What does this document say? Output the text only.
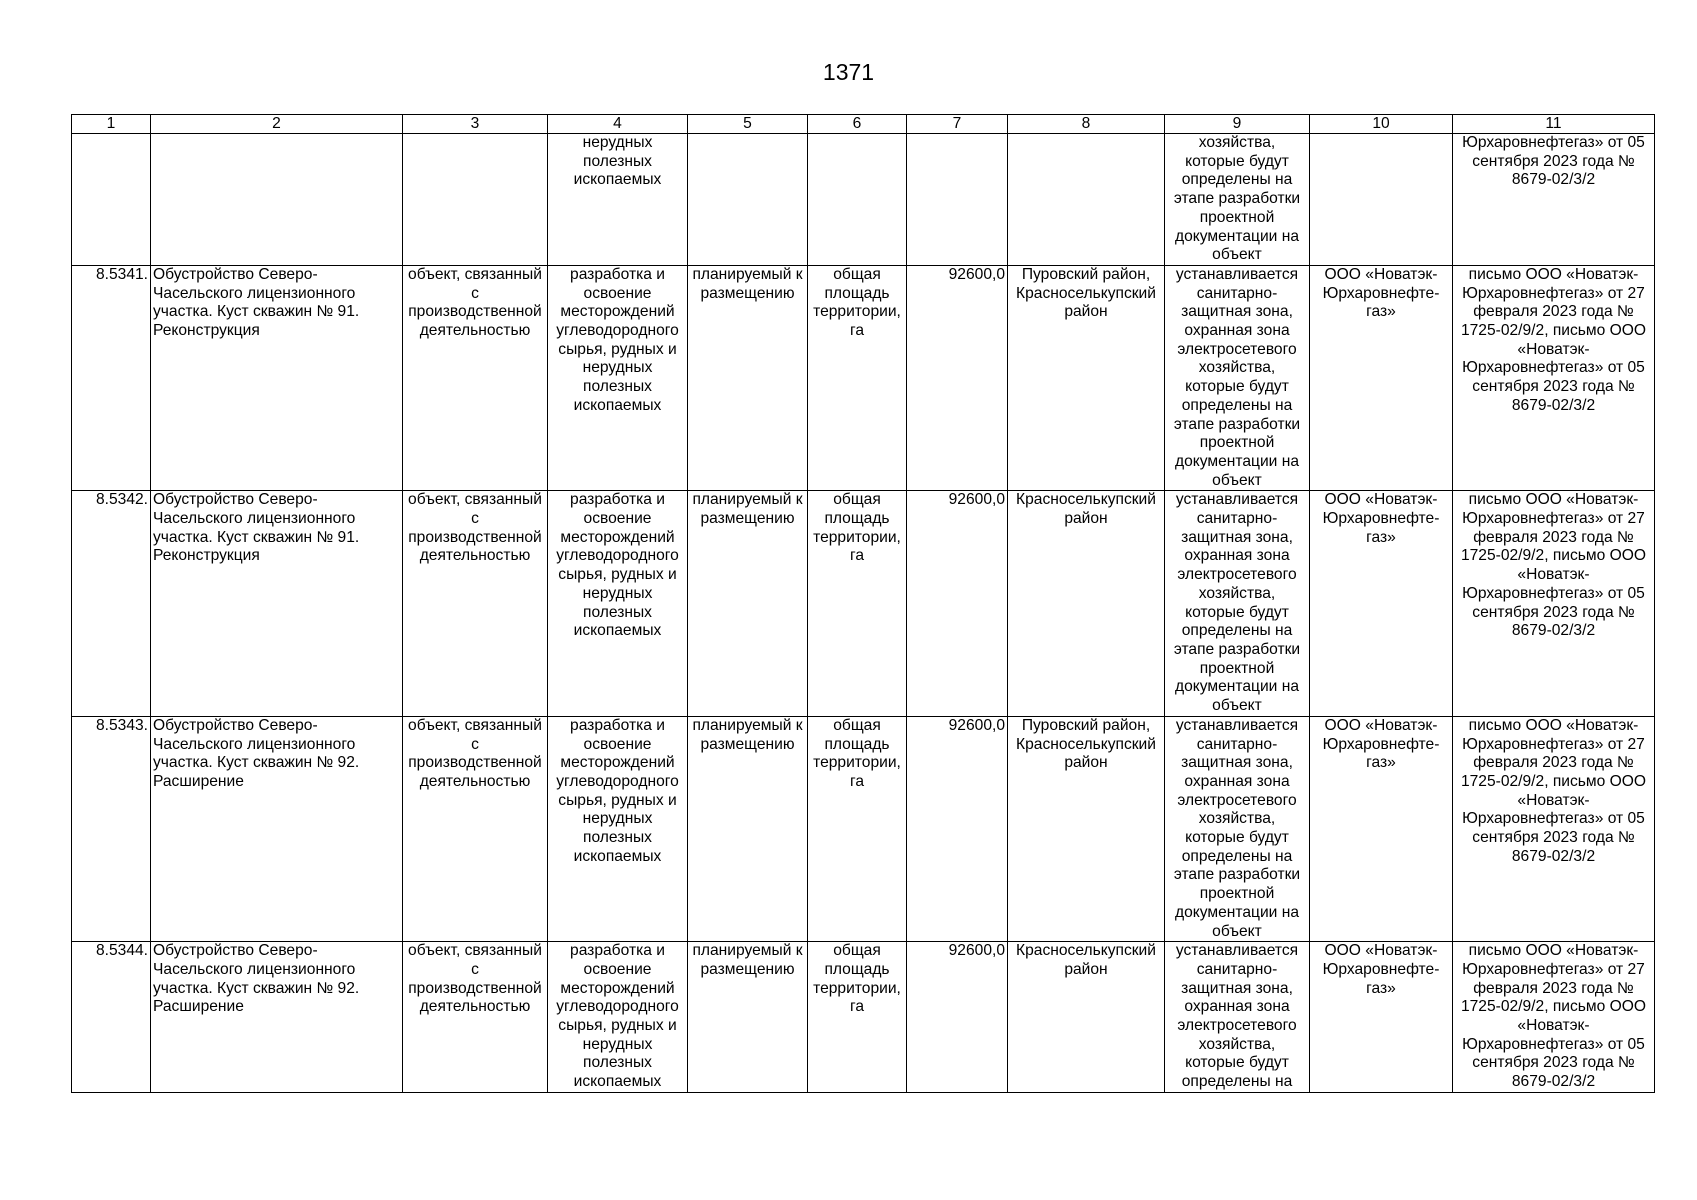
1371
1	2	3	4	5	6	7	8	9	10	11
			нерудных полезных ископаемых					хозяйства, которые будут определены на этапе разработки проектной документации на объект		Юрхаровнефтегаз» от 05 сентября 2023 года № 8679-02/3/2
8.5341.	Обустройство Северо-Часельского лицензионного участка. Куст скважин № 91. Реконструкция	объект, связанный с производственной деятельностью	разработка и освоение месторождений углеводородного сырья, рудных и нерудных полезных ископаемых	планируемый к размещению	общая площадь территории, га	92600,0	Пуровский район, Красноселькупский район	устанавливается санитарно-защитная зона, охранная зона электросетевого хозяйства, которые будут определены на этапе разработки проектной документации на объект	ООО «Новатэк-Юрхаровнефте-газ»	письмо ООО «Новатэк-Юрхаровнефтегаз» от 27 февраля 2023 года № 1725-02/9/2, письмо ООО «Новатэк-Юрхаровнефтегаз» от 05 сентября 2023 года № 8679-02/3/2
8.5342.	Обустройство Северо-Часельского лицензионного участка. Куст скважин № 91. Реконструкция	объект, связанный с производственной деятельностью	разработка и освоение месторождений углеводородного сырья, рудных и нерудных полезных ископаемых	планируемый к размещению	общая площадь территории, га	92600,0	Красноселькупский район	устанавливается санитарно-защитная зона, охранная зона электросетевого хозяйства, которые будут определены на этапе разработки проектной документации на объект	ООО «Новатэк-Юрхаровнефте-газ»	письмо ООО «Новатэк-Юрхаровнефтегаз» от 27 февраля 2023 года № 1725-02/9/2, письмо ООО «Новатэк-Юрхаровнефтегаз» от 05 сентября 2023 года № 8679-02/3/2
8.5343.	Обустройство Северо-Часельского лицензионного участка. Куст скважин № 92. Расширение	объект, связанный с производственной деятельностью	разработка и освоение месторождений углеводородного сырья, рудных и нерудных полезных ископаемых	планируемый к размещению	общая площадь территории, га	92600,0	Пуровский район, Красноселькупский район	устанавливается санитарно-защитная зона, охранная зона электросетевого хозяйства, которые будут определены на этапе разработки проектной документации на объект	ООО «Новатэк-Юрхаровнефте-газ»	письмо ООО «Новатэк-Юрхаровнефтегаз» от 27 февраля 2023 года № 1725-02/9/2, письмо ООО «Новатэк-Юрхаровнефтегаз» от 05 сентября 2023 года № 8679-02/3/2
8.5344.	Обустройство Северо-Часельского лицензионного участка. Куст скважин № 92. Расширение	объект, связанный с производственной деятельностью	разработка и освоение месторождений углеводородного сырья, рудных и нерудных полезных ископаемых	планируемый к размещению	общая площадь территории, га	92600,0	Красноселькупский район	устанавливается санитарно-защитная зона, охранная зона электросетевого хозяйства, которые будут определены на	ООО «Новатэк-Юрхаровнефте-газ»	письмо ООО «Новатэк-Юрхаровнефтегаз» от 27 февраля 2023 года № 1725-02/9/2, письмо ООО «Новатэк-Юрхаровнефтегаз» от 05 сентября 2023 года № 8679-02/3/2
